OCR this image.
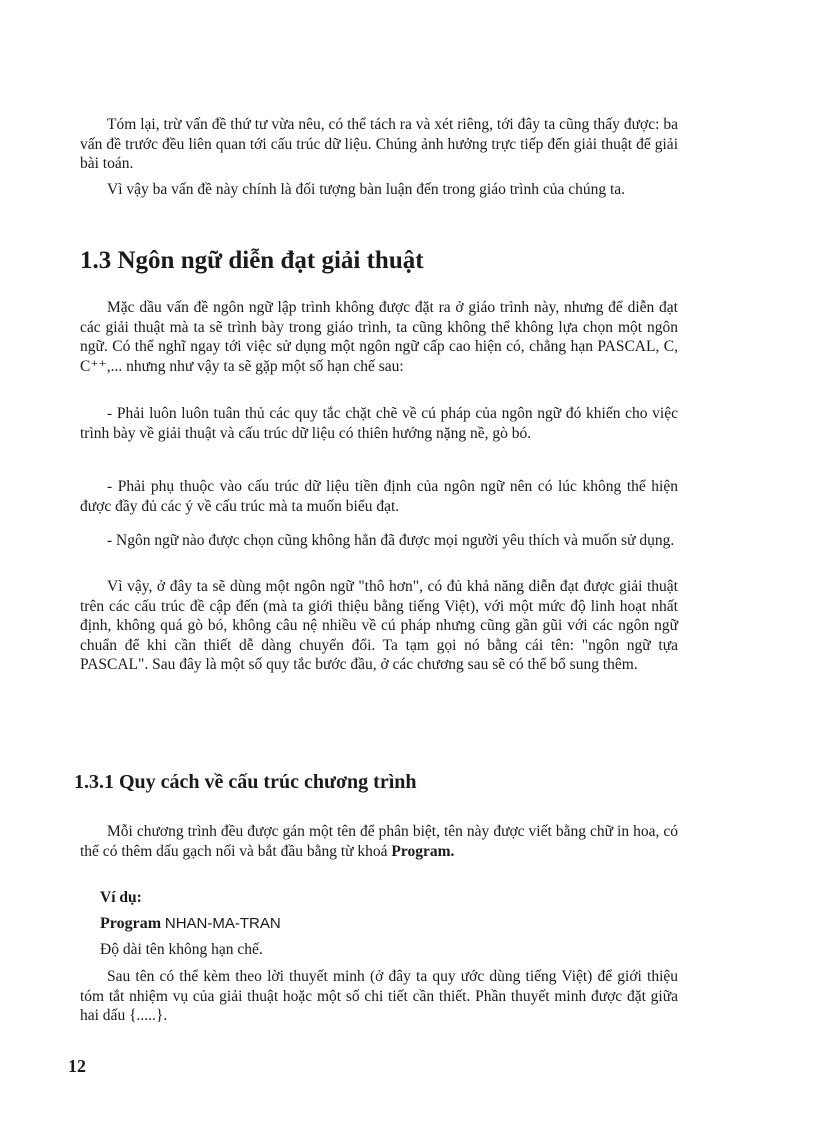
Tóm lại, trừ vấn đề thứ tư vừa nêu, có thể tách ra và xét riêng, tới đây ta cũng thấy được: ba vấn đề trước đều liên quan tới cấu trúc dữ liệu. Chúng ảnh hưởng trực tiếp đến giải thuật để giải bài toán.

Vì vậy ba vấn đề này chính là đối tượng bàn luận đến trong giáo trình của chúng ta.

1.3 Ngôn ngữ diễn đạt giải thuật

Mặc dầu vấn đề ngôn ngữ lập trình không được đặt ra ở giáo trình này, nhưng để diễn đạt các giải thuật mà ta sẽ trình bày trong giáo trình, ta cũng không thể không lựa chọn một ngôn ngữ. Có thể nghĩ ngay tới việc sử dụng một ngôn ngữ cấp cao hiện có, chẳng hạn PASCAL, C, C⁺⁺,... nhưng như vậy ta sẽ gặp một số hạn chế sau:

- Phải luôn luôn tuân thủ các quy tắc chặt chẽ về cú pháp của ngôn ngữ đó khiến cho việc trình bày về giải thuật và cấu trúc dữ liệu có thiên hướng nặng nề, gò bó.

- Phải phụ thuộc vào cấu trúc dữ liệu tiền định của ngôn ngữ nên có lúc không thể hiện được đầy đủ các ý về cấu trúc mà ta muốn biểu đạt.

- Ngôn ngữ nào được chọn cũng không hẳn đã được mọi người yêu thích và muốn sử dụng.

Vì vậy, ở đây ta sẽ dùng một ngôn ngữ "thô hơn", có đủ khả năng diễn đạt được giải thuật trên các cấu trúc đề cập đến (mà ta giới thiệu bằng tiếng Việt), với một mức độ linh hoạt nhất định, không quá gò bó, không câu nệ nhiều về cú pháp nhưng cũng gần gũi với các ngôn ngữ chuẩn để khi cần thiết dễ dàng chuyển đổi. Ta tạm gọi nó bằng cái tên: "ngôn ngữ tựa PASCAL". Sau đây là một số quy tắc bước đầu, ở các chương sau sẽ có thể bổ sung thêm.

1.3.1 Quy cách về cấu trúc chương trình

Mỗi chương trình đều được gán một tên để phân biệt, tên này được viết bằng chữ in hoa, có thể có thêm dấu gạch nối và bắt đầu bằng từ khoá Program.

Ví dụ:
Program NHAN-MA-TRAN
Độ dài tên không hạn chế.

Sau tên có thể kèm theo lời thuyết minh (ở đây ta quy ước dùng tiếng Việt) để giới thiệu tóm tắt nhiệm vụ của giải thuật hoặc một số chi tiết cần thiết. Phần thuyết minh được đặt giữa hai dấu {.....}.

12
